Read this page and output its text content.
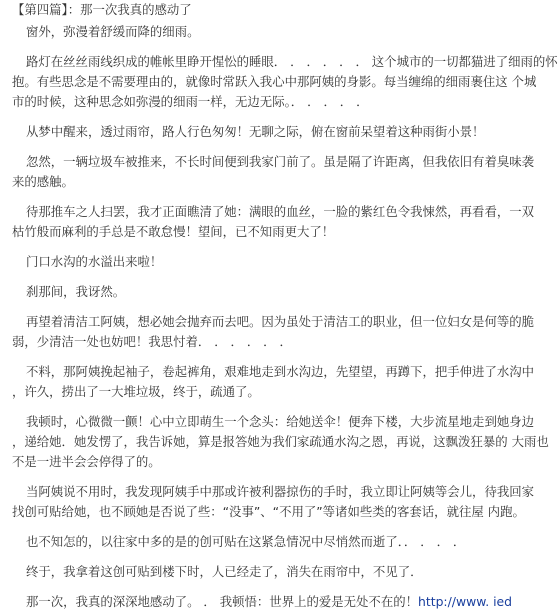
【第四篇】：那一次我真的感动了

窗外，弥漫着舒缓而降的细雨。

路灯在丝丝雨线织成的帷帐里睁开惺忪的睡眼． ． ． ． ． ． 这个城市的一切都猫进了细雨的怀

抱。有些思念是不需要理由的，就像时常跃入我心中那阿姨的身影。每当缠绵的细雨裹住这 个城

市的时候，这种思念如弥漫的细雨一样，无边无际。． ． ． ． ．

从梦中醒来，透过雨帘，路人行色匆匆！无聊之际，俯在窗前呆望着这种雨街小景！

忽然，一辆垃圾车被推来，不长时间便到我家门前了。虽是隔了许距离，但我依旧有着臭味袭

来的感触。

待那推车之人扫罢，我才正面瞧清了她：满眼的血丝，一脸的紫红色令我悚然，再看看，一双

枯竹般而麻利的手总是不敢怠慢！望间，已不知雨更大了！

门口水沟的水溢出来啦！

刹那间，我讶然。

再望着清洁工阿姨，想必她会抛弃而去吧。因为虽处于清洁工的职业，但一位妇女是何等的脆

弱，少清洁一处也妨吧！我思忖着． ． ． ． ． ．

不料，那阿姨挽起袖子，卷起裤角，艰难地走到水沟边，先望望，再蹲下，把手伸进了水沟中

，许久，捞出了一大堆垃圾，终于，疏通了。

我顿时，心微微一颤！心中立即萌生一个念头：给她送伞！便奔下楼，大步流星地走到她身边

，递给她．她发愣了，我告诉她，算是报答她为我们家疏通水沟之恩，再说，这飘泼狂暴的 大雨也

不是一进半会会停得了的。

当阿姨说不用时，我发现阿姨手中那或许被利器掠伤的手时，我立即让阿姨等会儿，待我回家

找创可贴给她，也不顾她是否说了些：“没事”、“不用了”等诸如些类的客套话，就往屋 内跑。

也不知怎的，以往家中多的是的创可贴在这紧急情况中尽悄然而逝了．． ． ． ．

终于，我拿着这创可贴到楼下时，人已经走了，消失在雨帘中，不见了．

那一次，我真的深深地感动了。 ． 我顿悟：世界上的爱是无处不在的！http://www. ied
